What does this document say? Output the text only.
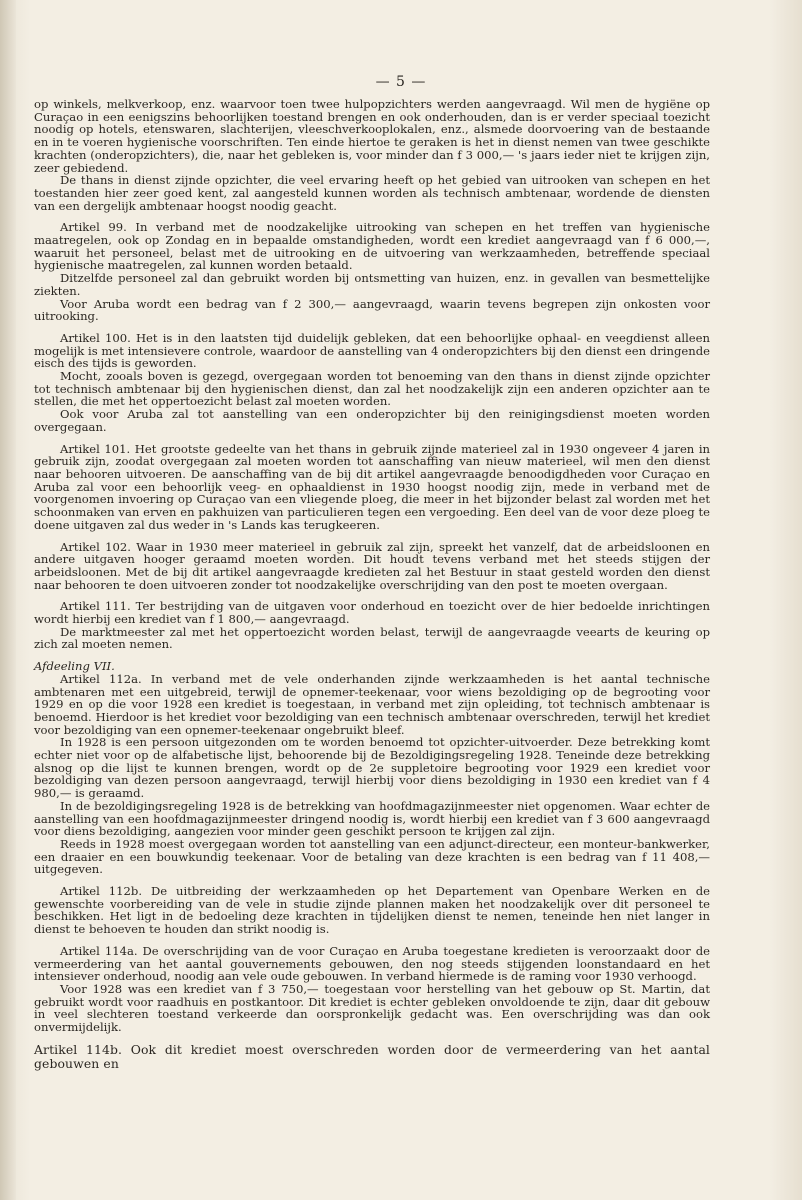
— 5 —

op winkels, melkverkoop, enz. waarvoor toen twee hulpopzichters werden aangevraagd. Wil men de hygiëne op Curaçao in een eenigszins behoorlijken toestand brengen en ook onderhouden, dan is er verder speciaal toezicht noodig op hotels, etenswaren, slachterijen, vleeschverkooplokalen, enz., alsmede doorvoering van de bestaande en in te voeren hygienische voorschriften. Ten einde hiertoe te geraken is het in dienst nemen van twee geschikte krachten (onderopzichters), die, naar het gebleken is, voor minder dan f 3 000,— 's jaars ieder niet te krijgen zijn, zeer gebiedend.

De thans in dienst zijnde opzichter, die veel ervaring heeft op het gebied van uitrooken van schepen en het toestanden hier zeer goed kent, zal aangesteld kunnen worden als technisch ambtenaar, wordende de diensten van een dergelijk ambtenaar hoogst noodig geacht.

Artikel 99. In verband met de noodzakelijke uitrooking van schepen en het treffen van hygienische maatregelen, ook op Zondag en in bepaalde omstandigheden, wordt een krediet aangevraagd van f 6 000,—, waaruit het personeel, belast met de uitrooking en de uitvoering van werkzaamheden, betreffende speciaal hygienische maatregelen, zal kunnen worden betaald.

Ditzelfde personeel zal dan gebruikt worden bij ontsmetting van huizen, enz. in gevallen van besmettelijke ziekten.

Voor Aruba wordt een bedrag van f 2 300,— aangevraagd, waarin tevens begrepen zijn onkosten voor uitrooking.

Artikel 100. Het is in den laatsten tijd duidelijk gebleken, dat een behoorlijke ophaal- en veegdienst alleen mogelijk is met intensievere controle, waardoor de aanstelling van 4 onderopzichters bij den dienst een dringende eisch des tijds is geworden.

Mocht, zooals boven is gezegd, overgegaan worden tot benoeming van den thans in dienst zijnde opzichter tot technisch ambtenaar bij den hygienischen dienst, dan zal het noodzakelijk zijn een anderen opzichter aan te stellen, die met het oppertoezicht belast zal moeten worden.

Ook voor Aruba zal tot aanstelling van een onderopzichter bij den reinigingsdienst moeten worden overgegaan.

Artikel 101. Het grootste gedeelte van het thans in gebruik zijnde materieel zal in 1930 ongeveer 4 jaren in gebruik zijn, zoodat overgegaan zal moeten worden tot aanschaffing van nieuw materieel, wil men den dienst naar behooren uitvoeren. De aanschaffing van de bij dit artikel aangevraagde benoodigdheden voor Curaçao en Aruba zal voor een behoorlijk veeg- en ophaaldienst in 1930 hoogst noodig zijn, mede in verband met de voorgenomen invoering op Curaçao van een vliegende ploeg, die meer in het bijzonder belast zal worden met het schoonmaken van erven en pakhuizen van particulieren tegen een vergoeding. Een deel van de voor deze ploeg te doene uitgaven zal dus weder in 's Lands kas terugkeeren.

Artikel 102. Waar in 1930 meer materieel in gebruik zal zijn, spreekt het vanzelf, dat de arbeidsloonen en andere uitgaven hooger geraamd moeten worden. Dit houdt tevens verband met het steeds stijgen der arbeidsloonen. Met de bij dit artikel aangevraagde kredieten zal het Bestuur in staat gesteld worden den dienst naar behooren te doen uitvoeren zonder tot noodzakelijke overschrijding van den post te moeten overgaan.

Artikel 111. Ter bestrijding van de uitgaven voor onderhoud en toezicht over de hier bedoelde inrichtingen wordt hierbij een krediet van f 1 800,— aangevraagd.

De marktmeester zal met het oppertoezicht worden belast, terwijl de aangevraagde veearts de keuring op zich zal moeten nemen.

Afdeeling VII.

Artikel 112a. In verband met de vele onderhanden zijnde werkzaamheden is het aantal technische ambtenaren met een uitgebreid, terwijl de opnemer-teekenaar, voor wiens bezoldiging op de begrooting voor 1929 en op die voor 1928 een krediet is toegestaan, in verband met zijn opleiding, tot technisch ambtenaar is benoemd. Hierdoor is het krediet voor bezoldiging van een technisch ambtenaar overschreden, terwijl het krediet voor bezoldiging van een opnemer-teekenaar ongebruikt bleef.

In 1928 is een persoon uitgezonden om te worden benoemd tot opzichter-uitvoerder. Deze betrekking komt echter niet voor op de alfabetische lijst, behoorende bij de Bezoldigingsregeling 1928. Teneinde deze betrekking alsnog op die lijst te kunnen brengen, wordt op de 2e suppletoire begrooting voor 1929 een krediet voor bezoldiging van dezen persoon aangevraagd, terwijl hierbij voor diens bezoldiging in 1930 een krediet van f 4 980,— is geraamd.

In de bezoldigingsregeling 1928 is de betrekking van hoofdmagazijnmeester niet opgenomen. Waar echter de aanstelling van een hoofdmagazijnmeester dringend noodig is, wordt hierbij een krediet van f 3 600 aangevraagd voor diens bezoldiging, aangezien voor minder geen geschikt persoon te krijgen zal zijn.

Reeds in 1928 moest overgegaan worden tot aanstelling van een adjunct-directeur, een monteur-bankwerker, een draaier en een bouwkundig teekenaar. Voor de betaling van deze krachten is een bedrag van f 11 408,— uitgegeven.

Artikel 112b. De uitbreiding der werkzaamheden op het Departement van Openbare Werken en de gewenschte voorbereiding van de vele in studie zijnde plannen maken het noodzakelijk over dit personeel te beschikken. Het ligt in de bedoeling deze krachten in tijdelijken dienst te nemen, teneinde hen niet langer in dienst te behoeven te houden dan strikt noodig is.

Artikel 114a. De overschrijding van de voor Curaçao en Aruba toegestane kredieten is veroorzaakt door de vermeerdering van het aantal gouvernements gebouwen, den nog steeds stijgenden loonstandaard en het intensiever onderhoud, noodig aan vele oude gebouwen. In verband hiermede is de raming voor 1930 verhoogd.

Voor 1928 was een krediet van f 3 750,— toegestaan voor herstelling van het gebouw op St. Martin, dat gebruikt wordt voor raadhuis en postkantoor. Dit krediet is echter gebleken onvoldoende te zijn, daar dit gebouw in veel slechteren toestand verkeerde dan oorspronkelijk gedacht was. Een overschrijding was dan ook onvermijdelijk.

Artikel 114b. Ook dit krediet moest overschreden worden door de vermeerdering van het aantal gebouwen en
